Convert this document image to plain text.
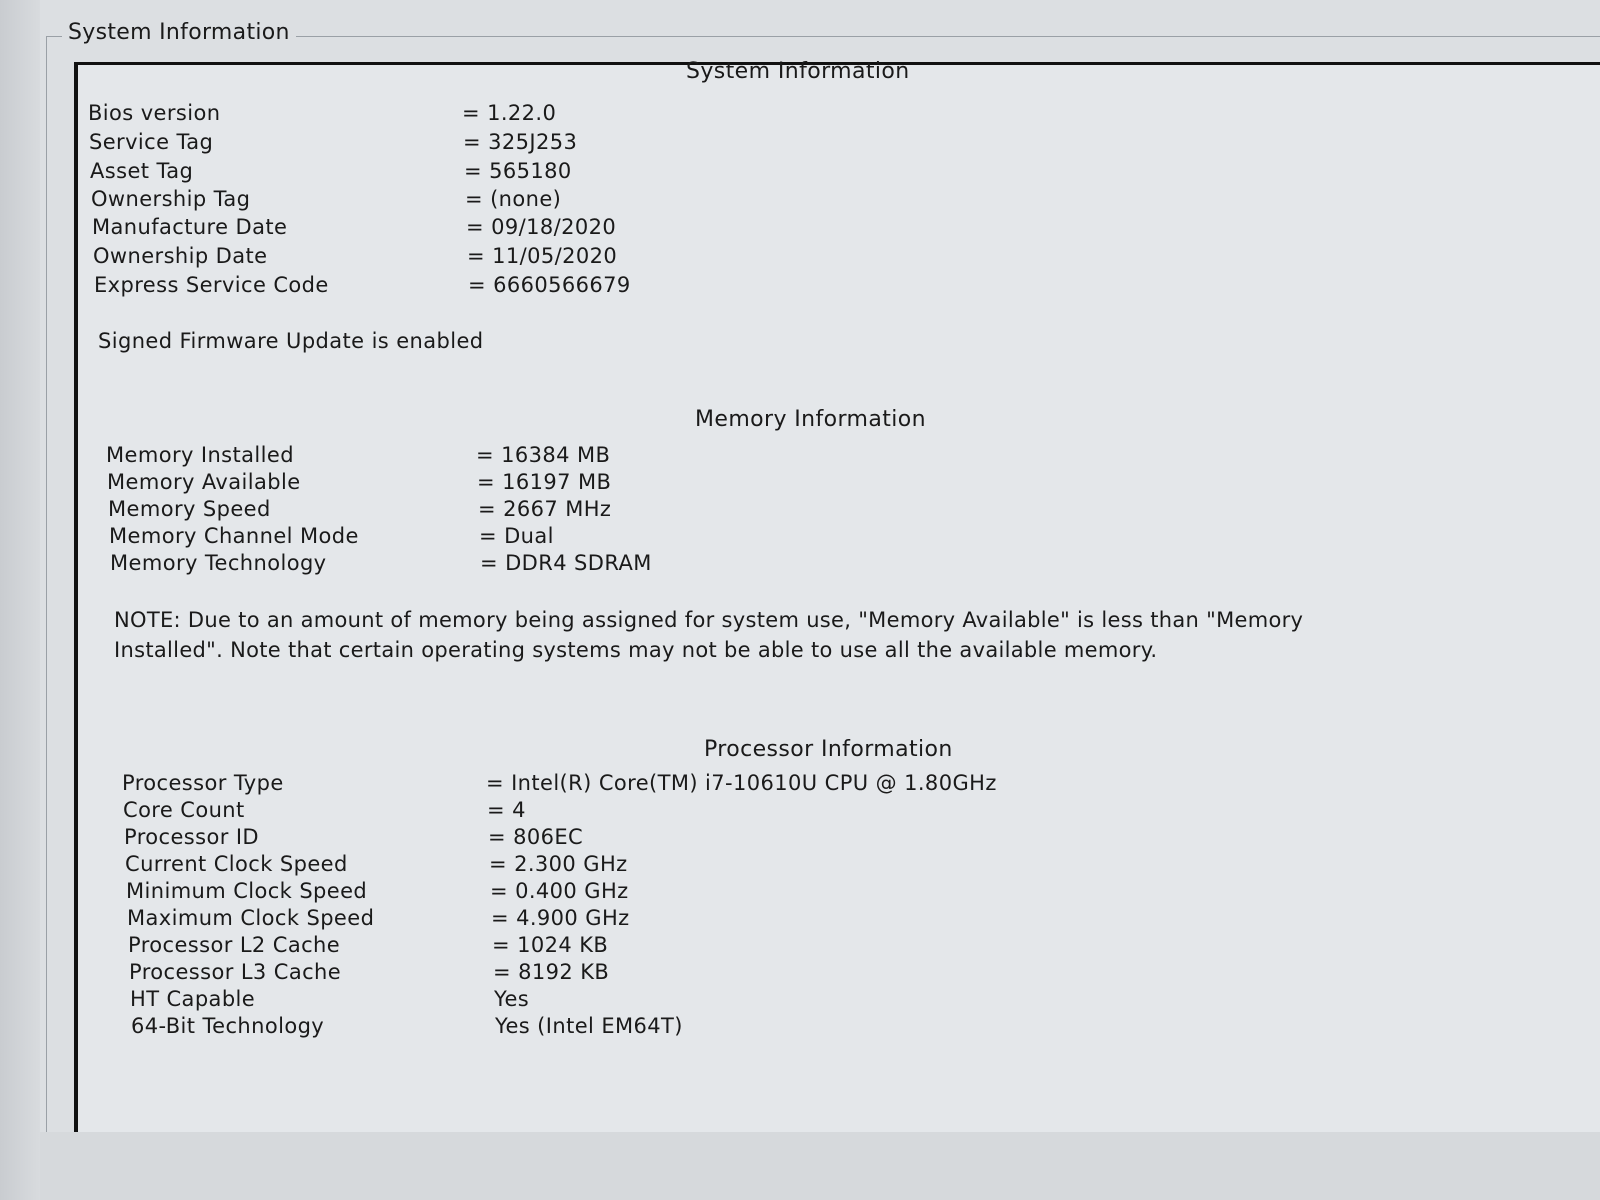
System Information
System Information
Bios version	= 1.22.0
Service Tag	= 325J253
Asset Tag	= 565180
Ownership Tag	= (none)
Manufacture Date	= 09/18/2020
Ownership Date	= 11/05/2020
Express Service Code	= 6660566679
Signed Firmware Update is enabled
Memory Information
Memory Installed	= 16384 MB
Memory Available	= 16197 MB
Memory Speed	= 2667 MHz
Memory Channel Mode	= Dual
Memory Technology	= DDR4 SDRAM
NOTE: Due to an amount of memory being assigned for system use, "Memory Available" is less than "Memory Installed". Note that certain operating systems may not be able to use all the available memory.
Processor Information
Processor Type	= Intel(R) Core(TM) i7-10610U CPU @ 1.80GHz
Core Count	= 4
Processor ID	= 806EC
Current Clock Speed	= 2.300 GHz
Minimum Clock Speed	= 0.400 GHz
Maximum Clock Speed	= 4.900 GHz
Processor L2 Cache	= 1024 KB
Processor L3 Cache	= 8192 KB
HT Capable	Yes
64-Bit Technology	Yes (Intel EM64T)
